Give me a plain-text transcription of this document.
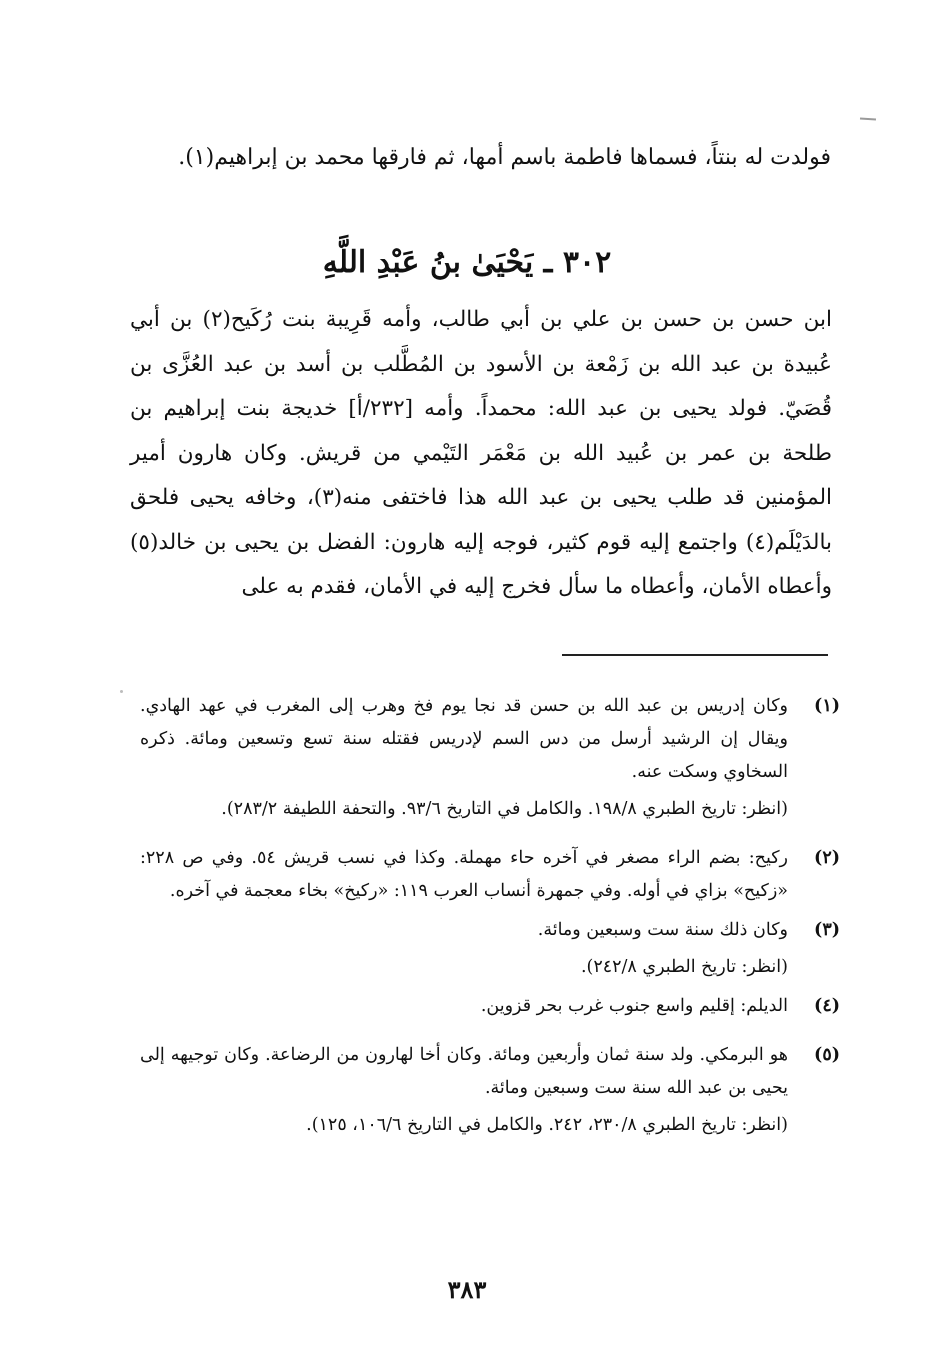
فولدت له بنتاً، فسماها فاطمة باسم أمها، ثم فارقها محمد بن إبراهيم(١).
٣٠٢ ـ يَحْيَىٰ بنُ عَبْدِ اللَّهِ
ابن حسن بن حسن بن علي بن أبي طالب، وأمه قَرِيبة بنت رُكَيح(٢) بن أبي عُبيدة بن عبد الله بن زَمْعة بن الأسود بن المُطَّلب بن أسد بن عبد العُزَّى بن قُصَيّ. فولد يحيى بن عبد الله: محمداً. وأمه [٢٣٢/أ] خديجة بنت إبراهيم بن طلحة بن عمر بن عُبيد الله بن مَعْمَر التَيْمي من قريش. وكان هارون أمير المؤمنين قد طلب يحيى بن عبد الله هذا فاختفى منه(٣)، وخافه يحيى فلحق بالدَيْلَم(٤) واجتمع إليه قوم كثير، فوجه إليه هارون: الفضل بن يحيى بن خالد(٥) وأعطاه الأمان، وأعطاه ما سأل فخرج إليه في الأمان، فقدم به على
(١)

وكان إدريس بن عبد الله بن حسن قد نجا يوم فخ وهرب إلى المغرب في عهد الهادي. ويقال إن الرشيد أرسل من دس السم لإدريس فقتله سنة تسع وتسعين ومائة. ذكره السخاوي وسكت عنه.

(انظر: تاريخ الطبري ١٩٨/٨. والكامل في التاريخ ٩٣/٦. والتحفة اللطيفة ٢٨٣/٢).

(٢)

ركيح: بضم الراء مصغر في آخره حاء مهملة. وكذا في نسب قريش ٥٤. وفي ص ٢٢٨: «زكيح» بزاي في أوله. وفي جمهرة أنساب العرب ١١٩: «ركيخ» بخاء معجمة في آخره.

(٣)

وكان ذلك سنة ست وسبعين ومائة.

(انظر: تاريخ الطبري ٢٤٢/٨).

(٤)

الديلم: إقليم واسع جنوب غرب بحر قزوين.

(٥)

هو البرمكي. ولد سنة ثمان وأربعين ومائة. وكان أخا لهارون من الرضاعة. وكان توجيهه إلى يحيى بن عبد الله سنة ست وسبعين ومائة.

(انظر: تاريخ الطبري ٢٣٠/٨، ٢٤٢. والكامل في التاريخ ١٠٦/٦، ١٢٥).

٣٨٣
